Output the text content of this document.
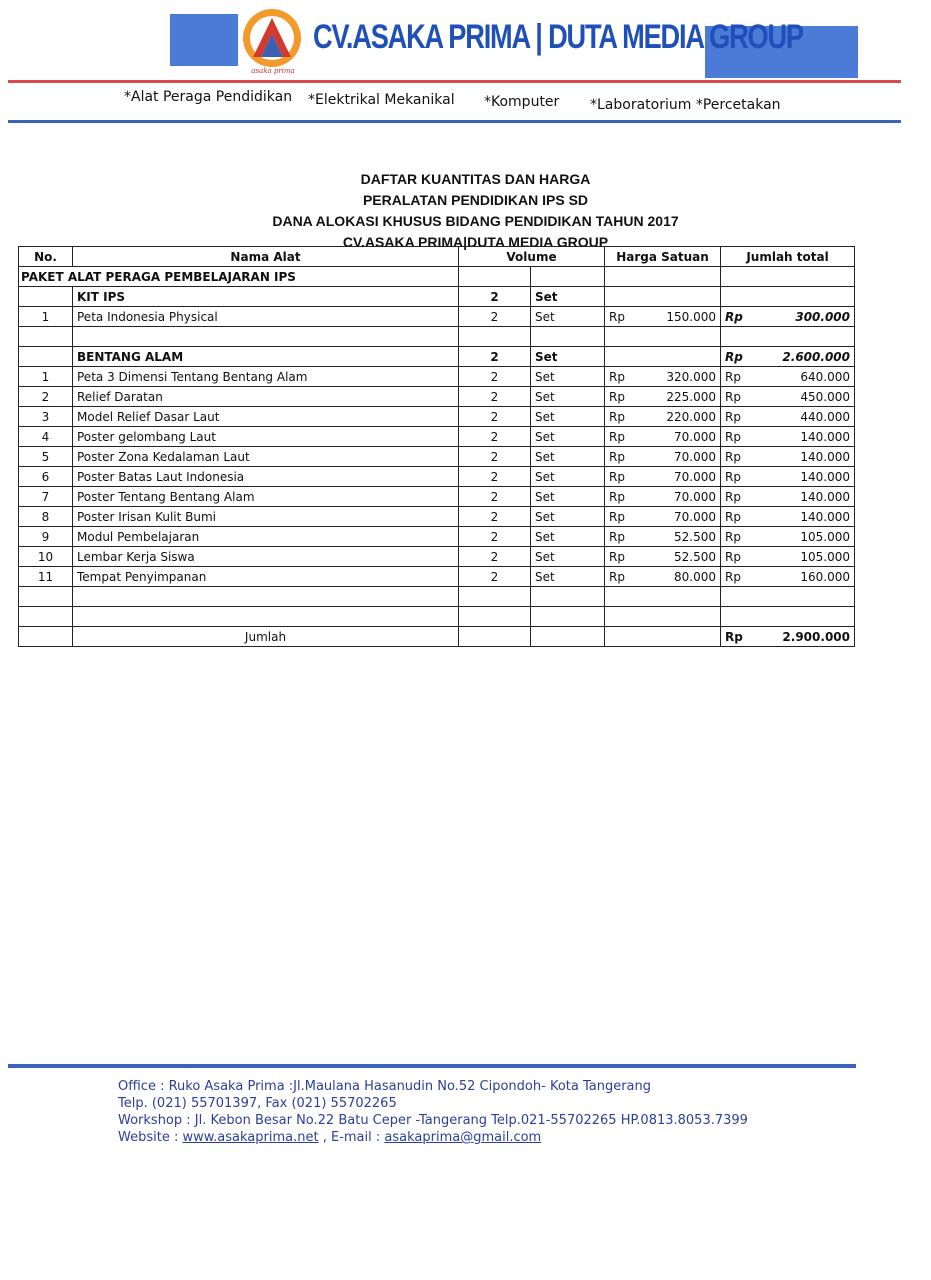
asaka prima
CV.ASAKA PRIMA | DUTA MEDIA GROUP
*Alat Peraga Pendidikan *Elektrikal Mekanikal *Komputer *Laboratorium *Percetakan
DAFTAR KUANTITAS DAN HARGA
PERALATAN PENDIDIKAN IPS SD
DANA ALOKASI KHUSUS BIDANG PENDIDIKAN TAHUN 2017
CV.ASAKA PRIMA|DUTA MEDIA GROUP
No.	Nama Alat	Volume		Harga Satuan	Jumlah total
PAKET ALAT PERAGA PEMBELAJARAN IPS					
	KIT IPS	2	Set		
1	Peta Indonesia Physical	2	Set	Rp 150.000	Rp 300.000

	BENTANG ALAM	2	Set		Rp 2.600.000
1	Peta 3 Dimensi Tentang Bentang Alam	2	Set	Rp 320.000	Rp 640.000
2	Relief Daratan	2	Set	Rp 225.000	Rp 450.000
3	Model Relief Dasar Laut	2	Set	Rp 220.000	Rp 440.000
4	Poster gelombang Laut	2	Set	Rp 70.000	Rp 140.000
5	Poster Zona Kedalaman Laut	2	Set	Rp 70.000	Rp 140.000
6	Poster Batas Laut Indonesia	2	Set	Rp 70.000	Rp 140.000
7	Poster Tentang Bentang Alam	2	Set	Rp 70.000	Rp 140.000
8	Poster Irisan Kulit Bumi	2	Set	Rp 70.000	Rp 140.000
9	Modul Pembelajaran	2	Set	Rp 52.500	Rp 105.000
10	Lembar Kerja Siswa	2	Set	Rp 52.500	Rp 105.000
11	Tempat Penyimpanan	2	Set	Rp 80.000	Rp 160.000

	Jumlah				Rp 2.900.000
Office : Ruko Asaka Prima :Jl.Maulana Hasanudin No.52 Cipondoh- Kota Tangerang
Telp. (021) 55701397, Fax (021) 55702265
Workshop : Jl. Kebon Besar No.22 Batu Ceper -Tangerang Telp.021-55702265 HP.0813.8053.7399
Website : www.asakaprima.net , E-mail : asakaprima@gmail.com
